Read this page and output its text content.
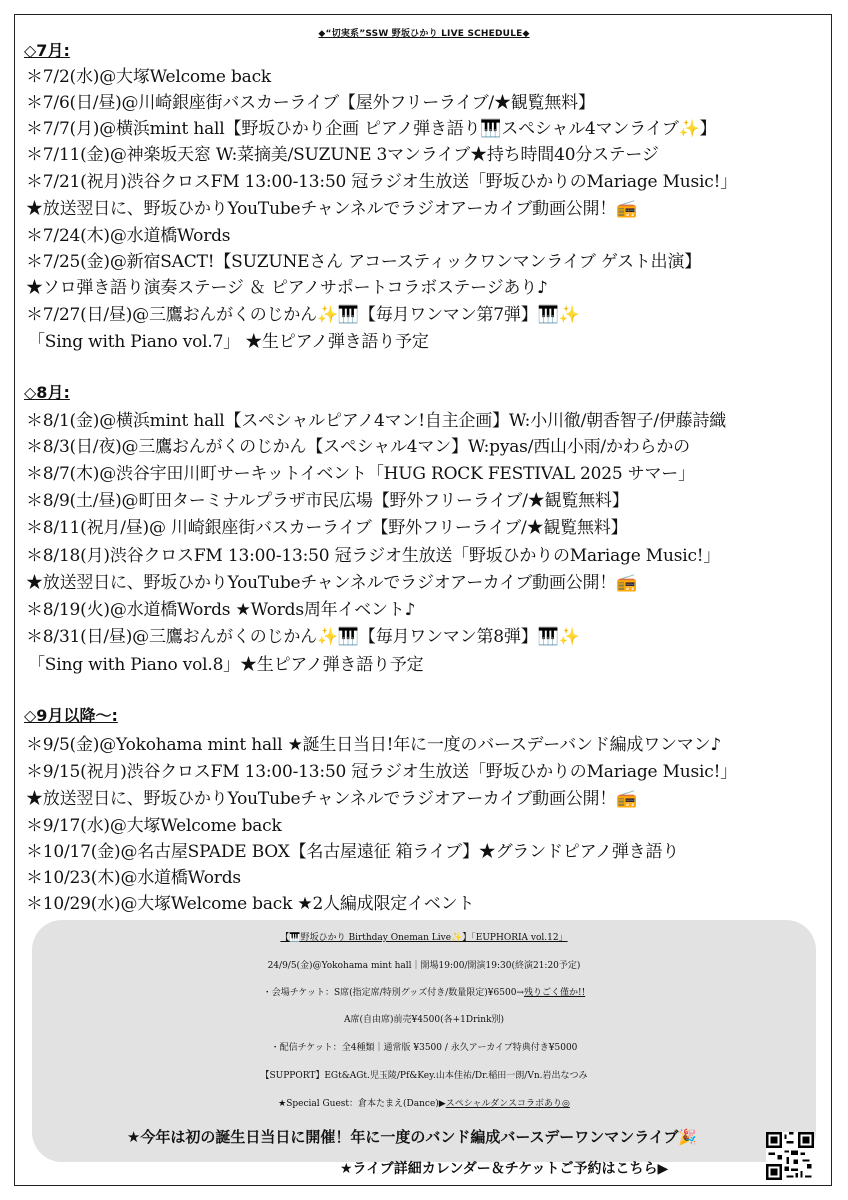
◆“切実系”SSW 野坂ひかり LIVE SCHEDULE◆
◇7月:
＊7/2(水)@大塚Welcome back
＊7/6(日/昼)@川崎銀座街バスカーライブ【屋外フリーライブ/★観覧無料】
＊7/7(月)@横浜mint hall【野坂ひかり企画 ピアノ弾き語り🎹スペシャル4マンライブ✨】
＊7/11(金)@神楽坂天窓 W:菜摘美/SUZUNE 3マンライブ★持ち時間40分ステージ
＊7/21(祝月)渋谷クロスFM 13:00-13:50 冠ラジオ生放送「野坂ひかりのMariage Music!」
★放送翌日に、野坂ひかりYouTubeチャンネルでラジオアーカイブ動画公開！📻
＊7/24(木)@水道橋Words
＊7/25(金)@新宿SACT!【SUZUNEさん アコースティックワンマンライブ ゲスト出演】
★ソロ弾き語り演奏ステージ ＆ ピアノサポートコラボステージあり♪
＊7/27(日/昼)@三鷹おんがくのじかん✨🎹【毎月ワンマン第7弾】🎹✨
「Sing with Piano vol.7」 ★生ピアノ弾き語り予定
◇8月:
＊8/1(金)@横浜mint hall【スペシャルピアノ4マン!自主企画】W:小川徹/朝香智子/伊藤詩織
＊8/3(日/夜)@三鷹おんがくのじかん【スペシャル4マン】W:pyas/西山小雨/かわらかの
＊8/7(木)@渋谷宇田川町サーキットイベント「HUG ROCK FESTIVAL 2025 サマー」
＊8/9(土/昼)@町田ターミナルプラザ市民広場【野外フリーライブ/★観覧無料】
＊8/11(祝月/昼)@ 川崎銀座街バスカーライブ【野外フリーライブ/★観覧無料】
＊8/18(月)渋谷クロスFM 13:00-13:50 冠ラジオ生放送「野坂ひかりのMariage Music!」
★放送翌日に、野坂ひかりYouTubeチャンネルでラジオアーカイブ動画公開！📻
＊8/19(火)@水道橋Words ★Words周年イベント♪
＊8/31(日/昼)@三鷹おんがくのじかん✨🎹【毎月ワンマン第8弾】🎹✨
「Sing with Piano vol.8」★生ピアノ弾き語り予定
◇9月以降〜:
＊9/5(金)@Yokohama mint hall ★誕生日当日!年に一度のバースデーバンド編成ワンマン♪
＊9/15(祝月)渋谷クロスFM 13:00-13:50 冠ラジオ生放送「野坂ひかりのMariage Music!」
★放送翌日に、野坂ひかりYouTubeチャンネルでラジオアーカイブ動画公開！📻
＊9/17(水)@大塚Welcome back
＊10/17(金)@名古屋SPADE BOX【名古屋遠征 箱ライブ】★グランドピアノ弾き語り
＊10/23(木)@水道橋Words
＊10/29(水)@大塚Welcome back ★2人編成限定イベント
【🎹野坂ひかり Birthday Oneman Live✨】「EUPHORIA vol.12」
24/9/5(金)@Yokohama mint hall｜開場19:00/開演19:30(終演21:20予定)
・会場チケット：S席(指定席/特別グッズ付き/数量限定)¥6500→残りごく僅か!!
A席(自由席)前売¥4500(各+1Drink別)
・配信チケット：全4種類｜通常版 ¥3500 / 永久アーカイブ特典付き¥5000
【SUPPORT】EGt&AGt.児玉陵/Pf&Key.山本佳祐/Dr.稲田一朗/Vn.岩出なつみ
★Special Guest：倉本たまえ(Dance)▶スペシャルダンスコラボあり◎
★今年は初の誕生日当日に開催！年に一度のバンド編成バースデーワンマンライブ🎉
★ライブ詳細カレンダー＆チケットご予約はこちら▶
